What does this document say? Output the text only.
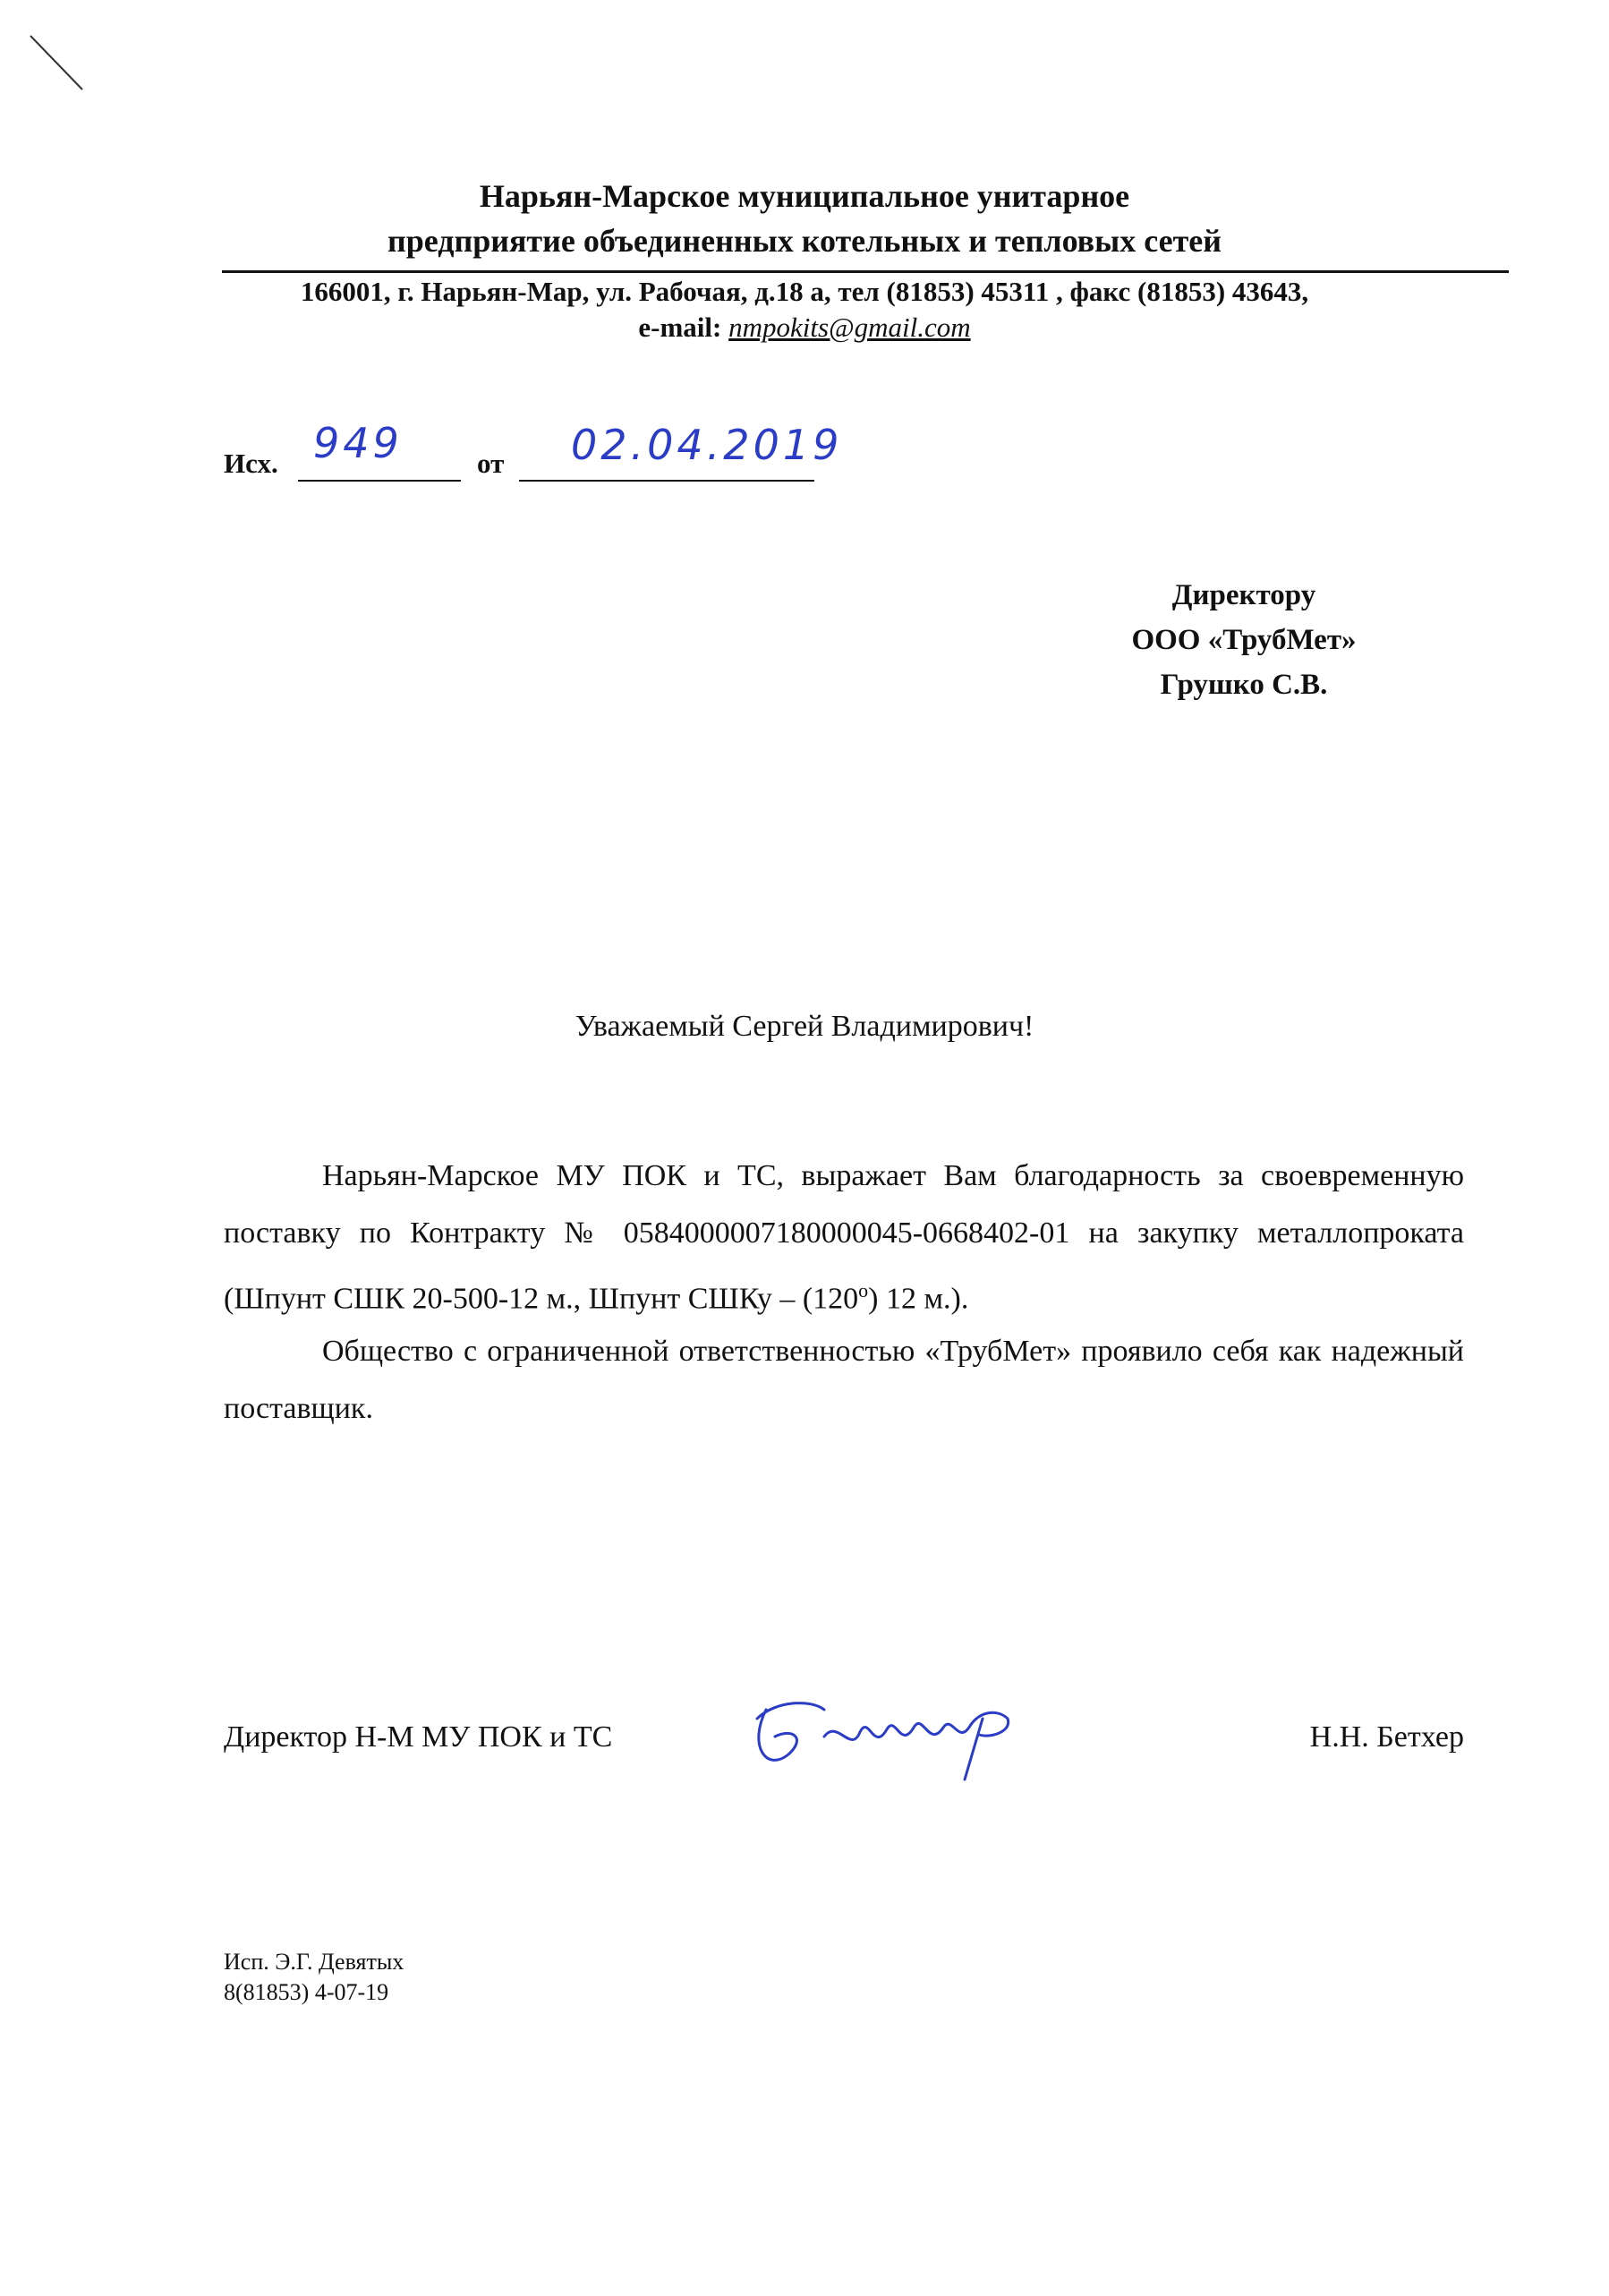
Нарьян-Марское муниципальное унитарное
предприятие объединенных котельных и тепловых сетей
166001, г. Нарьян-Мар, ул. Рабочая, д.18 а, тел (81853) 45311 , факс (81853) 43643,
e-mail: nmpokits@gmail.com
Исх. 949	от 02.04.2019
Директору
ООО «ТрубМет»
Грушко С.В.
Уважаемый Сергей Владимирович!
Нарьян-Марское МУ ПОК и ТС, выражает Вам благодарность за своевременную поставку по Контракту № 0584000007180000045-0668402-01 на закупку металлопроката (Шпунт СШК 20-500-12 м., Шпунт СШКу – $(120^о)$ 12 м.).
Общество с ограниченной ответственностью «ТрубМет» проявило себя как надежный поставщик.
Директор Н-М МУ ПОК и ТС	Н.Н. Бетхер
Исп. Э.Г. Девятых
8(81853) 4-07-19
